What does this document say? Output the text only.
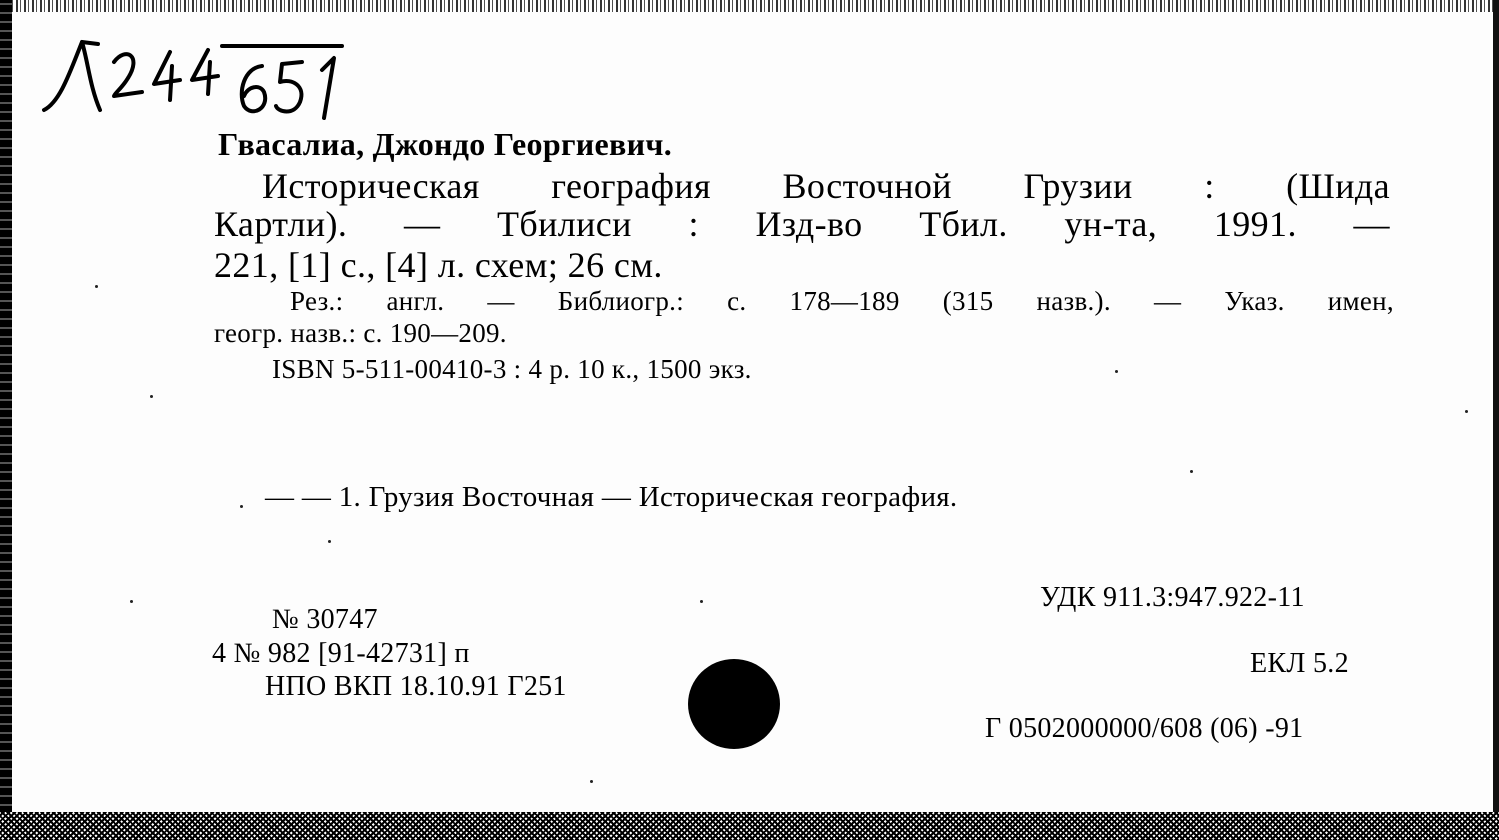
Гвасалиа, Джондо Георгиевич.
Историческая география Восточной Грузии : (Шида
Картли). — Тбилиси : Изд-во Тбил. ун-та, 1991. —
221, [1] с., [4] л. схем; 26 см.
Рез.: англ. — Библиогр.: с. 178—189 (315 назв.). — Указ. имен,
геогр. назв.: с. 190—209.
ISBN 5-511-00410-3 : 4 р. 10 к., 1500 экз.
— — 1. Грузия Восточная — Историческая география.
№ 30747
4 № 982 [91-42731] п
НПО ВКП 18.10.91 Г251
УДК 911.3:947.922-11
ЕКЛ 5.2
Г 0502000000/608 (06) -91
